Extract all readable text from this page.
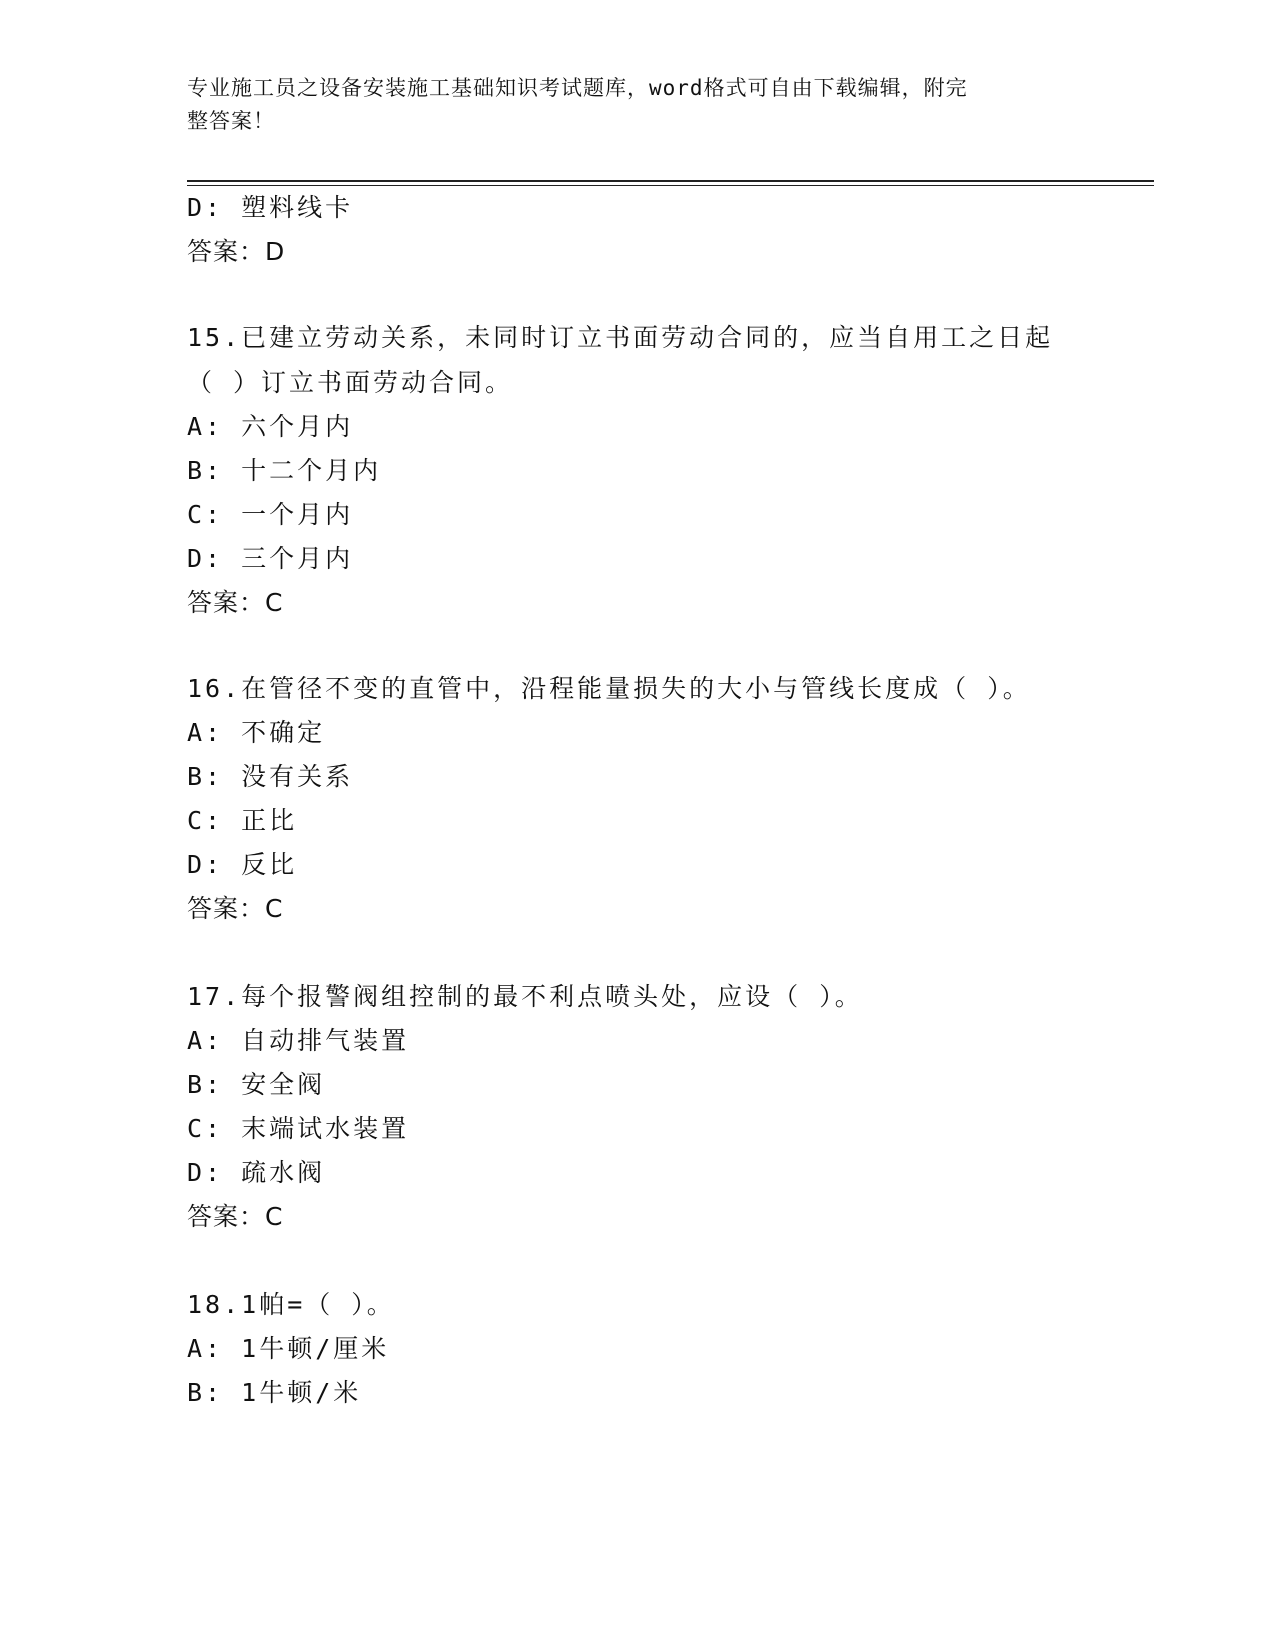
专业施工员之设备安装施工基础知识考试题库，word格式可自由下载编辑，附完
整答案！
D: 塑料线卡
答案：D
15.已建立劳动关系，未同时订立书面劳动合同的，应当自用工之日起
（ ）订立书面劳动合同。
A: 六个月内
B: 十二个月内
C: 一个月内
D: 三个月内
答案：C
16.在管径不变的直管中，沿程能量损失的大小与管线长度成（ ）。
A: 不确定
B: 没有关系
C: 正比
D: 反比
答案：C
17.每个报警阀组控制的最不利点喷头处，应设（ ）。
A: 自动排气装置
B: 安全阀
C: 末端试水装置
D: 疏水阀
答案：C
18.1帕=（ ）。
A: 1牛顿/厘米
B: 1牛顿/米
